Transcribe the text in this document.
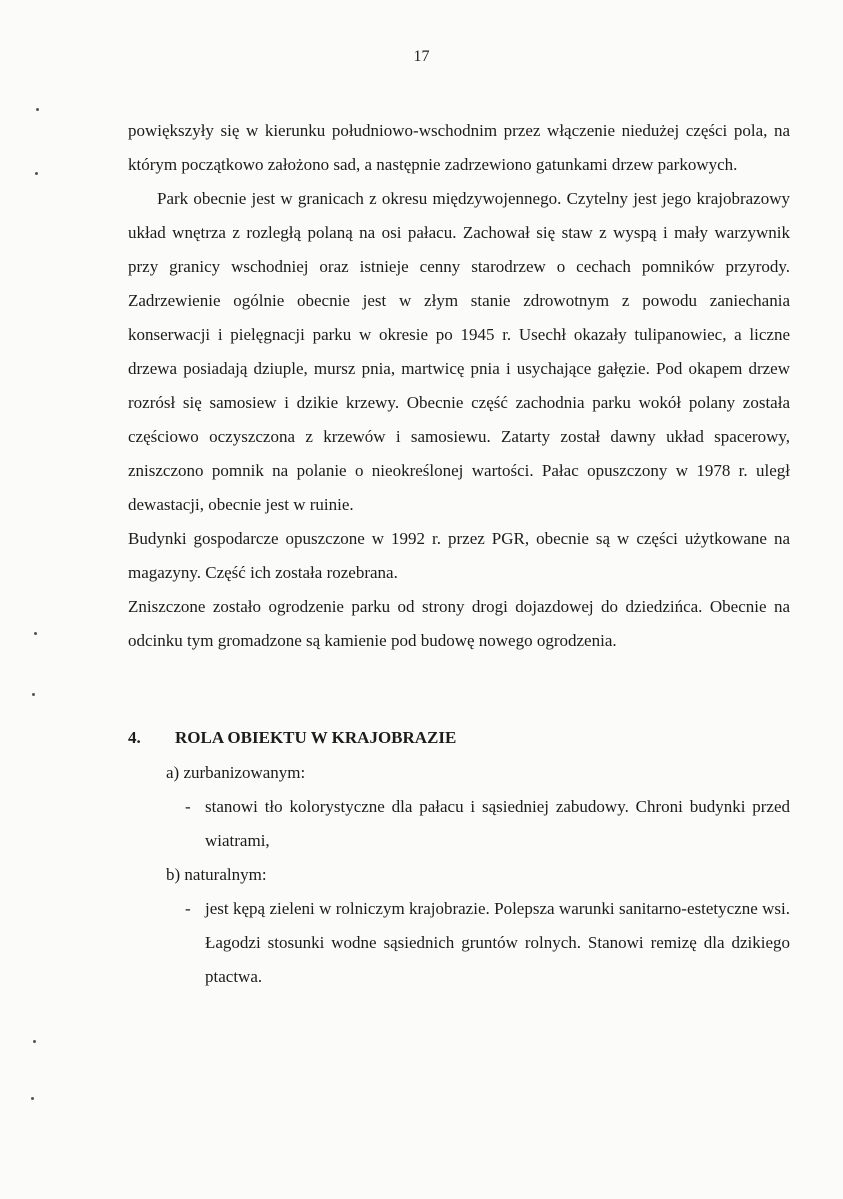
17

powiększyły się w kierunku południowo-wschodnim przez włączenie niedużej części pola, na którym początkowo założono sad, a następnie zadrzewiono gatunkami drzew parkowych.

Park obecnie jest w granicach z okresu międzywojennego. Czytelny jest jego krajobrazowy układ wnętrza z rozległą polaną na osi pałacu. Zachował się staw z wyspą i mały warzywnik przy granicy wschodniej oraz istnieje cenny starodrzew o cechach pomników przyrody. Zadrzewienie ogólnie obecnie jest w złym stanie zdrowotnym z powodu zaniechania konserwacji i pielęgnacji parku w okresie po 1945 r. Usechł okazały tulipanowiec, a liczne drzewa posiadają dziuple, mursz pnia, martwicę pnia i usychające gałęzie. Pod okapem drzew rozrósł się samosiew i dzikie krzewy. Obecnie część zachodnia parku wokół polany została częściowo oczyszczona z krzewów i samosiewu. Zatarty został dawny układ spacerowy, zniszczono pomnik na polanie o nieokreślonej wartości. Pałac opuszczony w 1978 r. uległ dewastacji, obecnie jest w ruinie.

Budynki gospodarcze opuszczone w 1992 r. przez PGR, obecnie są w części użytkowane na magazyny. Część ich została rozebrana.

Zniszczone zostało ogrodzenie parku od strony drogi dojazdowej do dziedzińca. Obecnie na odcinku tym gromadzone są kamienie pod budowę nowego ogrodzenia.

4. ROLA OBIEKTU W KRAJOBRAZIE
a) zurbanizowanym:
- stanowi tło kolorystyczne dla pałacu i sąsiedniej zabudowy. Chroni budynki przed wiatrami,
b) naturalnym:
- jest kępą zieleni w rolniczym krajobrazie. Polepsza warunki sanitarno-estetyczne wsi. Łagodzi stosunki wodne sąsiednich gruntów rolnych. Stanowi remizę dla dzikiego ptactwa.
